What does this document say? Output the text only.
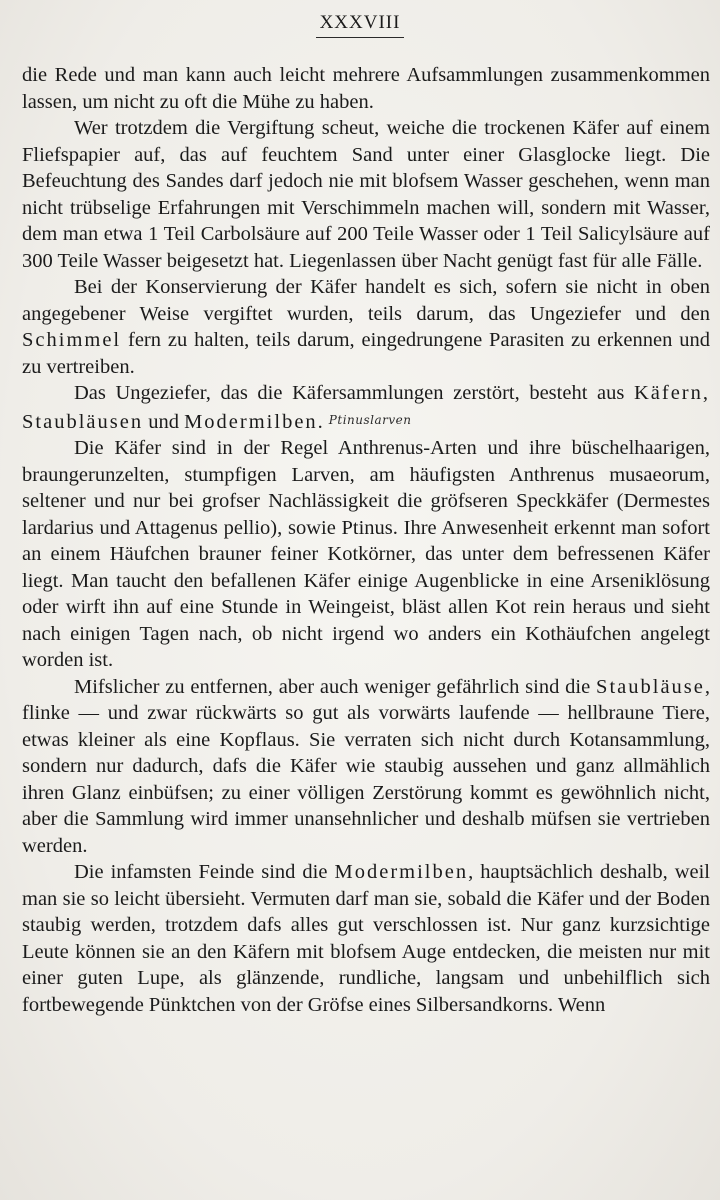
XXXVIII

die Rede und man kann auch leicht mehrere Aufsammlungen zusammenkommen lassen, um nicht zu oft die Mühe zu haben.

Wer trotzdem die Vergiftung scheut, weiche die trockenen Käfer auf einem Fliefspapier auf, das auf feuchtem Sand unter einer Glasglocke liegt. Die Befeuchtung des Sandes darf jedoch nie mit blofsem Wasser geschehen, wenn man nicht trübselige Erfahrungen mit Verschimmeln machen will, sondern mit Wasser, dem man etwa 1 Teil Carbolsäure auf 200 Teile Wasser oder 1 Teil Salicylsäure auf 300 Teile Wasser beigesetzt hat. Liegenlassen über Nacht genügt fast für alle Fälle.

Bei der Konservierung der Käfer handelt es sich, sofern sie nicht in oben angegebener Weise vergiftet wurden, teils darum, das Ungeziefer und den Schimmel fern zu halten, teils darum, eingedrungene Parasiten zu erkennen und zu vertreiben.

Das Ungeziefer, das die Käfersammlungen zerstört, besteht aus Käfern, Staubläusen und Modermilben. Ptinuslarven

Die Käfer sind in der Regel Anthrenus-Arten und ihre büschelhaarigen, braungerunzelten, stumpfigen Larven, am häufigsten Anthrenus musaeorum, seltener und nur bei grofser Nachlässigkeit die gröfseren Speckkäfer (Dermestes lardarius und Attagenus pellio), sowie Ptinus. Ihre Anwesenheit erkennt man sofort an einem Häufchen brauner feiner Kotkörner, das unter dem befressenen Käfer liegt. Man taucht den befallenen Käfer einige Augenblicke in eine Arseniklösung oder wirft ihn auf eine Stunde in Weingeist, bläst allen Kot rein heraus und sieht nach einigen Tagen nach, ob nicht irgend wo anders ein Kothäufchen angelegt worden ist.

Mifslicher zu entfernen, aber auch weniger gefährlich sind die Staubläuse, flinke — und zwar rückwärts so gut als vorwärts laufende — hellbraune Tiere, etwas kleiner als eine Kopflaus. Sie verraten sich nicht durch Kotansammlung, sondern nur dadurch, dafs die Käfer wie staubig aussehen und ganz allmählich ihren Glanz einbüfsen; zu einer völligen Zerstörung kommt es gewöhnlich nicht, aber die Sammlung wird immer unansehnlicher und deshalb müfsen sie vertrieben werden.

Die infamsten Feinde sind die Modermilben, hauptsächlich deshalb, weil man sie so leicht übersieht. Vermuten darf man sie, sobald die Käfer und der Boden staubig werden, trotzdem dafs alles gut verschlossen ist. Nur ganz kurzsichtige Leute können sie an den Käfern mit blofsem Auge entdecken, die meisten nur mit einer guten Lupe, als glänzende, rundliche, langsam und unbehilflich sich fortbewegende Pünktchen von der Gröfse eines Silbersandkorns. Wenn
